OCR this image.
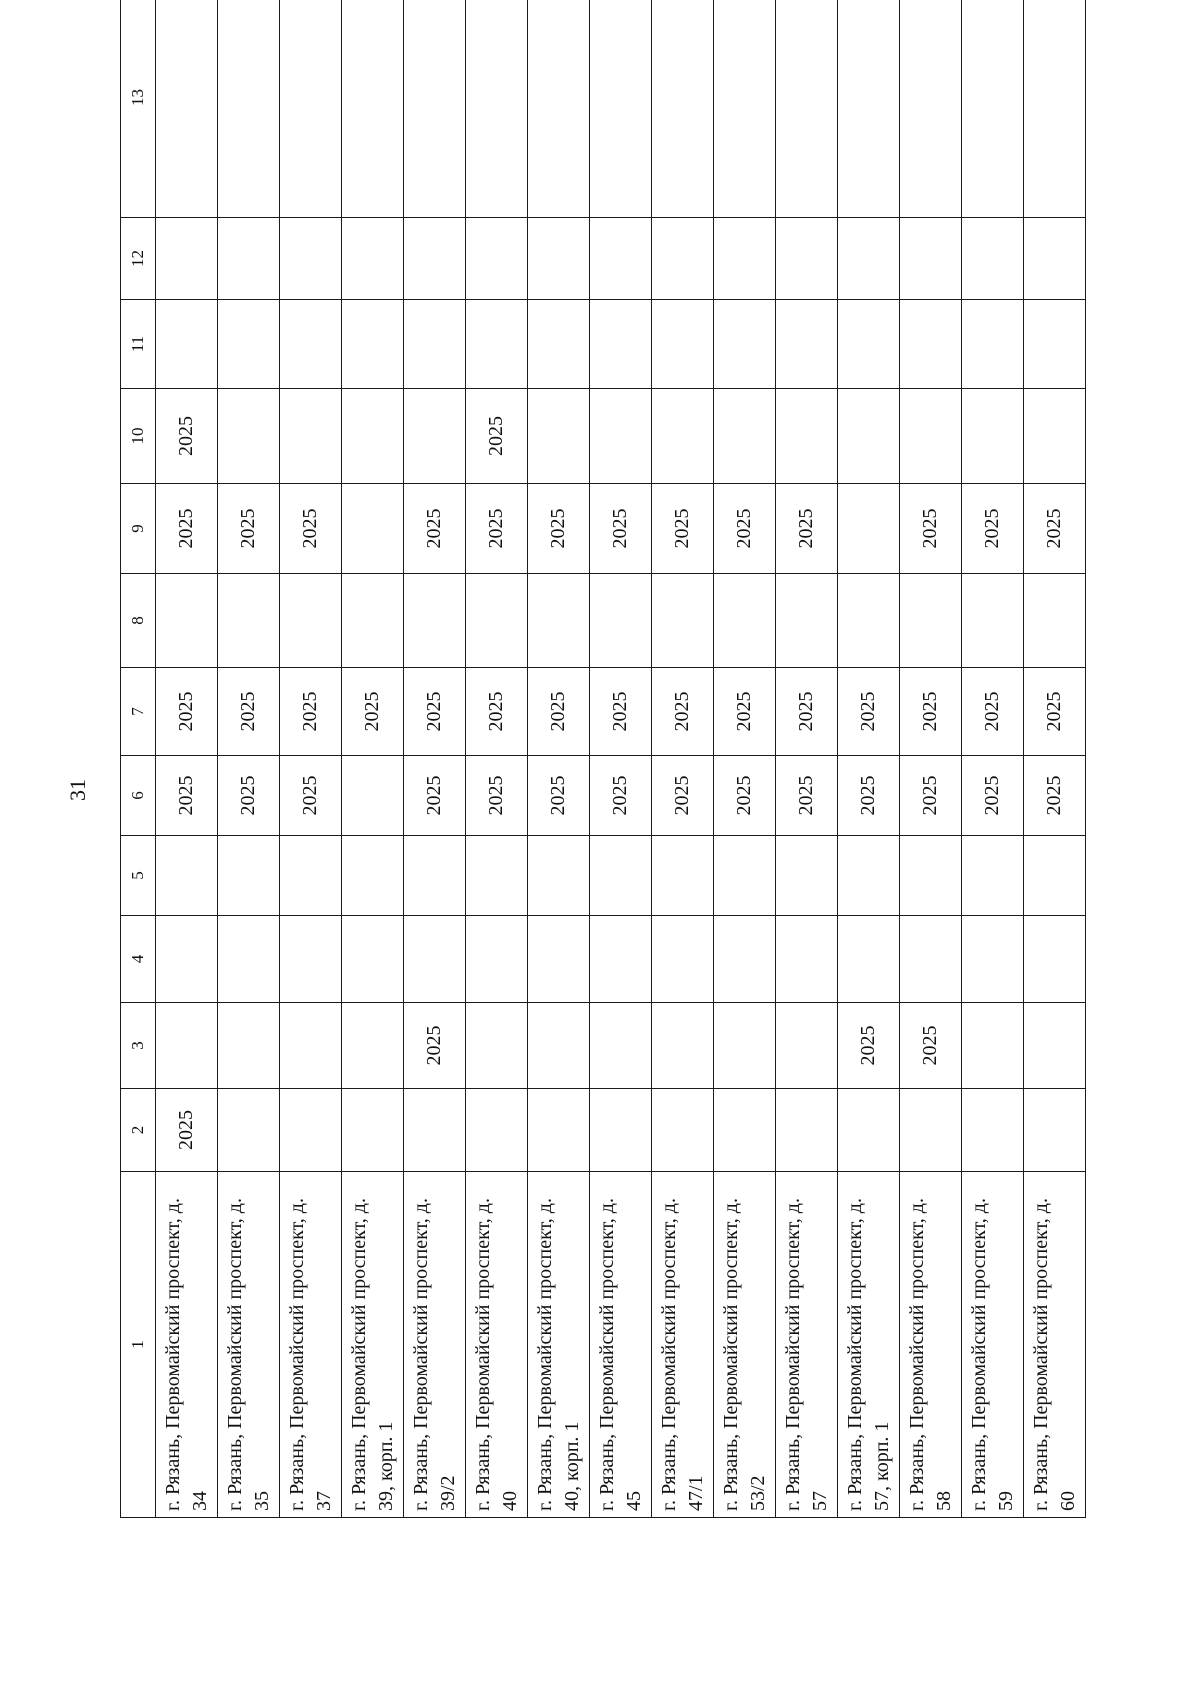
31
1	2	3	4	5	6	7	8	9	10	11	12	13
г. Рязань, Первомайский проспект, д. 34	2025				2025	2025		2025	2025			
г. Рязань, Первомайский проспект, д. 35					2025	2025		2025				
г. Рязань, Первомайский проспект, д. 37					2025	2025		2025				
г. Рязань, Первомайский проспект, д. 39, корп. 1						2025						
г. Рязань, Первомайский проспект, д. 39/2		2025			2025	2025		2025				
г. Рязань, Первомайский проспект, д. 40					2025	2025		2025	2025			
г. Рязань, Первомайский проспект, д. 40, корп. 1					2025	2025		2025				
г. Рязань, Первомайский проспект, д. 45					2025	2025		2025				
г. Рязань, Первомайский проспект, д. 47/1					2025	2025		2025				
г. Рязань, Первомайский проспект, д. 53/2					2025	2025		2025				
г. Рязань, Первомайский проспект, д. 57					2025	2025		2025				
г. Рязань, Первомайский проспект, д. 57, корп. 1		2025			2025	2025						
г. Рязань, Первомайский проспект, д. 58		2025			2025	2025		2025				
г. Рязань, Первомайский проспект, д. 59					2025	2025		2025				
г. Рязань, Первомайский проспект, д. 60					2025	2025		2025				
